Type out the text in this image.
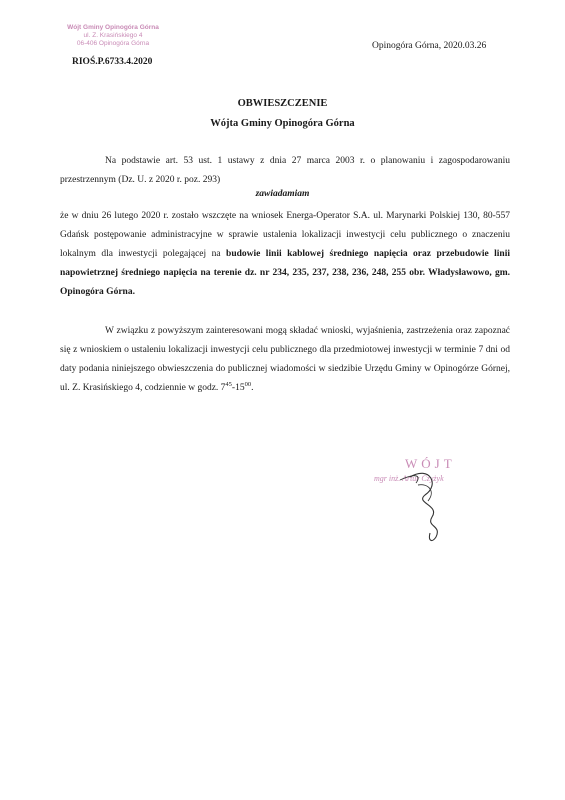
Wójt Gminy Opinogóra Górna
ul. Z. Krasińskiego 4
06-406 Opinogóra Górna	Opinogóra Górna, 2020.03.26
RIOŚ.P.6733.4.2020
OBWIESZCZENIE
Wójta Gminy Opinogóra Górna
Na podstawie art. 53 ust. 1 ustawy z dnia 27 marca 2003 r. o planowaniu i zagospodarowaniu przestrzennym (Dz. U. z 2020 r. poz. 293)
zawiadamiam
że w dniu 26 lutego 2020 r. zostało wszczęte na wniosek Energa-Operator S.A. ul. Marynarki Polskiej 130, 80-557 Gdańsk postępowanie administracyjne w sprawie ustalenia lokalizacji inwestycji celu publicznego o znaczeniu lokalnym dla inwestycji polegającej na budowie linii kablowej średniego napięcia oraz przebudowie linii napowietrznej średniego napięcia na terenie dz. nr 234, 235, 237, 238, 236, 248, 255 obr. Władysławowo, gm. Opinogóra Górna.
W związku z powyższym zainteresowani mogą składać wnioski, wyjaśnienia, zastrzeżenia oraz zapoznać się z wnioskiem o ustaleniu lokalizacji inwestycji celu publicznego dla przedmiotowej inwestycji w terminie 7 dni od daty podania niniejszego obwieszczenia do publicznej wiadomości w siedzibie Urzędu Gminy w Opinogórze Górnej, ul. Z. Krasińskiego 4, codziennie w godz. $7^{45}-15^{00}$.
WÓJT
mgr inż. Artur Czyżyk
